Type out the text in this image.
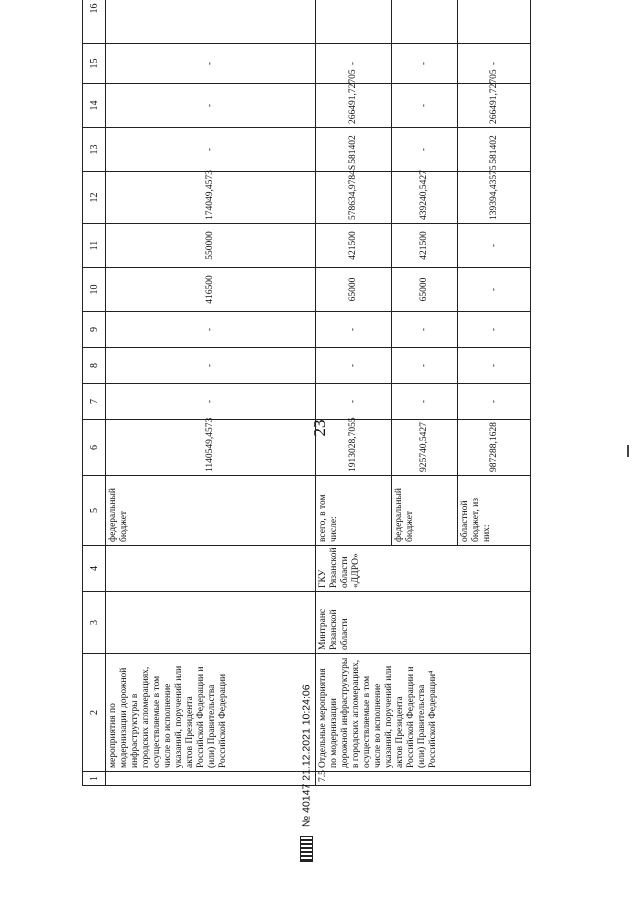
23
1	2	3	4	5	6	7	8	9	10	11	12	13	14	15	16
	мероприятия по модернизации дорожной инфраструктуры в городских агломерациях, осуществляемые в том числе во исполнение указаний, поручений или актов Президента Российской Федерации и (или) Правительства Российской Федерации			федеральный бюджет	1140549,4573	-	-	-	416500	550000	174049,4573	-	-	-	
7.5	Отдельные мероприятия по модернизации дорожной инфраструктуры в городских агломерациях, осуществляемые в том числе во исполнение указаний, поручений или актов Президента Российской Федерации и (или) Правительства Российской Федерации⁴	Минтранс Рязанской области	ГКУ Рязанской области «ДДРО»	всего, в том числе:	1913028,7055	-	-	-	65000	421500	578634,9784S	581402	266491,72705	-	
				федеральный бюджет	925740,5427	-	-	-	65000	421500	439240,5427	-	-	-	
				областной бюджет, из них:	987288,1628	-	-	-	-	-	139394,43575	581402	266491,72705	-	
№ 40147 21.12.2021 10:24:06
